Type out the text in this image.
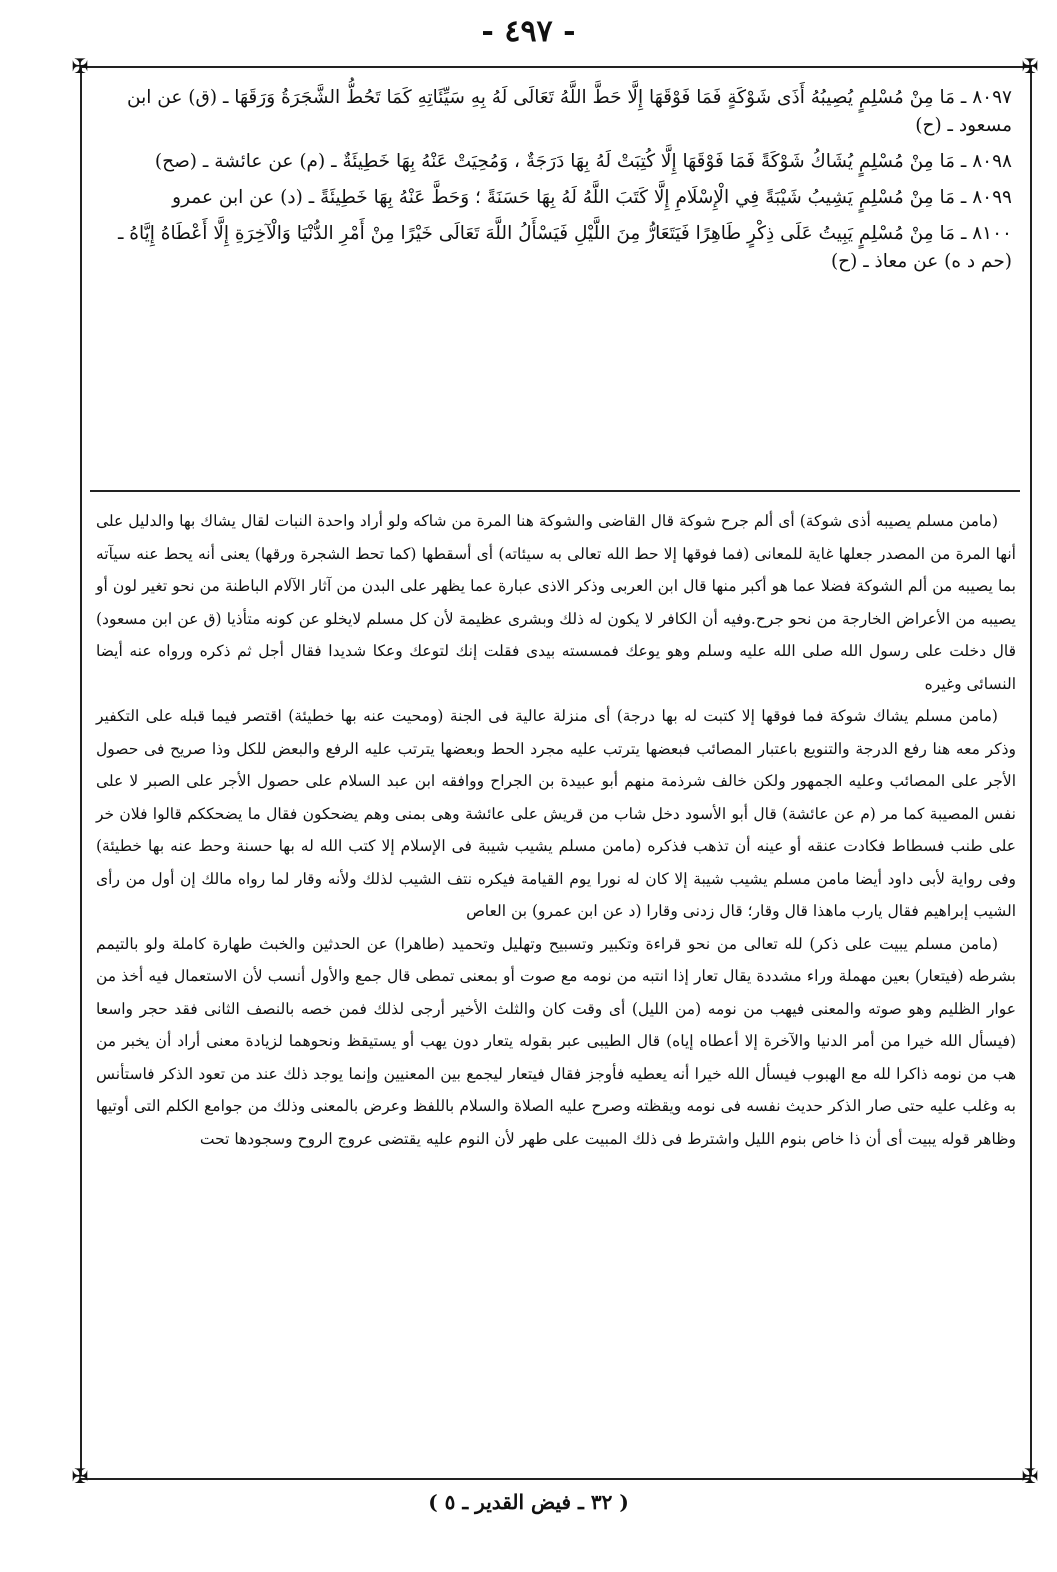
- ٤٩٧ -
✠	✠
✠	✠

٨٠٩٧ ـ مَا مِنْ مُسْلِمٍ يُصِيبُهُ أَذَى شَوْكَةٍ فَمَا فَوْقَهَا إِلَّا حَطَّ اللَّهُ تَعَالَى لَهُ بِهِ سَيِّئَاتِهِ كَمَا تَحُطُّ الشَّجَرَةُ وَرَقَهَا ـ (ق) عن ابن مسعود ـ (ح)

٨٠٩٨ ـ مَا مِنْ مُسْلِمٍ يُشَاكُ شَوْكَةً فَمَا فَوْقَهَا إِلَّا كُتِبَتْ لَهُ بِهَا دَرَجَةٌ ، وَمُحِيَتْ عَنْهُ بِهَا خَطِيئَةٌ ـ (م) عن عائشة ـ (صح)

٨٠٩٩ ـ مَا مِنْ مُسْلِمٍ يَشِيبُ شَيْبَةً فِي الْإِسْلَامِ إِلَّا كَتَبَ اللَّهُ لَهُ بِهَا حَسَنَةً ؛ وَحَطَّ عَنْهُ بِهَا خَطِيئَةً ـ (د) عن ابن عمرو

٨١٠٠ ـ مَا مِنْ مُسْلِمٍ يَبِيتُ عَلَى ذِكْرٍ طَاهِرًا فَيَتَعَارُّ مِنَ اللَّيْلِ فَيَسْأَلُ اللَّهَ تَعَالَى خَيْرًا مِنْ أَمْرِ الدُّنْيَا وَالْآخِرَةِ إِلَّا أَعْطَاهُ إِيَّاهُ ـ (حم د ه) عن معاذ ـ (ح)

(مامن مسلم يصيبه أذى شوكة) أى ألم جرح شوكة قال القاضى والشوكة هنا المرة من شاكه ولو أراد واحدة النبات لقال يشاك بها والدليل على أنها المرة من المصدر جعلها غاية للمعانى (فما فوقها إلا حط الله تعالى به سيئاته) أى أسقطها (كما تحط الشجرة ورقها) يعنى أنه يحط عنه سيآته بما يصيبه من ألم الشوكة فضلا عما هو أكبر منها قال ابن العربى وذكر الاذى عبارة عما يظهر على البدن من آثار الآلام الباطنة من نحو تغير لون أو يصيبه من الأعراض الخارجة من نحو جرح.وفيه أن الكافر لا يكون له ذلك وبشرى عظيمة لأن كل مسلم لايخلو عن كونه متأذيا (ق عن ابن مسعود) قال دخلت على رسول الله صلى الله عليه وسلم وهو يوعك فمسسته بيدى فقلت إنك لتوعك وعكا شديدا فقال أجل ثم ذكره ورواه عنه أيضا النسائى وغيره

(مامن مسلم يشاك شوكة فما فوقها إلا كتبت له بها درجة) أى منزلة عالية فى الجنة (ومحيت عنه بها خطيئة) اقتصر فيما قبله على التكفير وذكر معه هنا رفع الدرجة والتنويع باعتبار المصائب فبعضها يترتب عليه مجرد الحط وبعضها يترتب عليه الرفع والبعض للكل وذا صريح فى حصول الأجر على المصائب وعليه الجمهور ولكن خالف شرذمة منهم أبو عبيدة بن الجراح ووافقه ابن عبد السلام على حصول الأجر على الصبر لا على نفس المصيبة كما مر (م عن عائشة) قال أبو الأسود دخل شاب من قريش على عائشة وهى بمنى وهم يضحكون فقال ما يضحككم قالوا فلان خر على طنب فسطاط فكادت عنقه أو عينه أن تذهب فذكره (مامن مسلم يشيب شيبة فى الإسلام إلا كتب الله له بها حسنة وحط عنه بها خطيئة) وفى رواية لأبى داود أيضا مامن مسلم يشيب شيبة إلا كان له نورا يوم القيامة فيكره نتف الشيب لذلك ولأنه وقار لما رواه مالك إن أول من رأى الشيب إبراهيم فقال يارب ماهذا قال وقار؛ قال زدنى وقارا (د عن ابن عمرو) بن العاص

(مامن مسلم يبيت على ذكر) لله تعالى من نحو قراءة وتكبير وتسبيح وتهليل وتحميد (طاهرا) عن الحدثين والخبث طهارة كاملة ولو بالتيمم بشرطه (فيتعار) بعين مهملة وراء مشددة يقال تعار إذا انتبه من نومه مع صوت أو بمعنى تمطى قال جمع والأول أنسب لأن الاستعمال فيه أخذ من عوار الظليم وهو صوته والمعنى فيهب من نومه (من الليل) أى وقت كان والثلث الأخير أرجى لذلك فمن خصه بالنصف الثانى فقد حجر واسعا (فيسأل الله خيرا من أمر الدنيا والآخرة إلا أعطاه إياه) قال الطيبى عبر بقوله يتعار دون يهب أو يستيقظ ونحوهما لزيادة معنى أراد أن يخبر من هب من نومه ذاكرا لله مع الهبوب فيسأل الله خيرا أنه يعطيه فأوجز فقال فيتعار ليجمع بين المعنيين وإنما يوجد ذلك عند من تعود الذكر فاستأنس به وغلب عليه حتى صار الذكر حديث نفسه فى نومه ويقظته وصرح عليه الصلاة والسلام باللفظ وعرض بالمعنى وذلك من جوامع الكلم التى أوتيها وظاهر قوله يبيت أى أن ذا خاص بنوم الليل واشترط فى ذلك المبيت على طهر لأن النوم عليه يقتضى عروج الروح وسجودها تحت

( ٣٢ ـ فيض القدير ـ ٥ )
